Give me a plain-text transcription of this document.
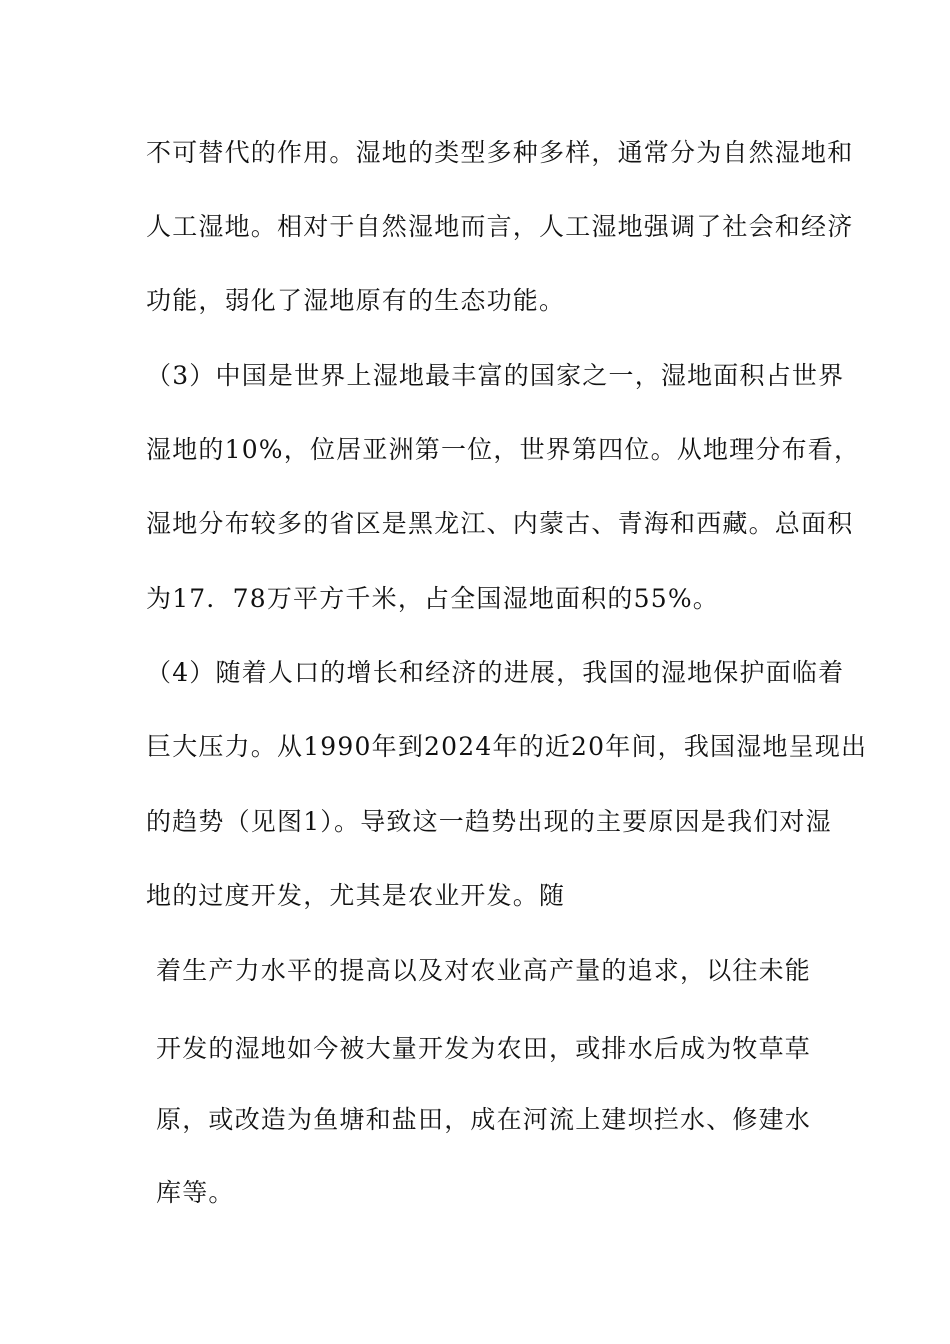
不可替代的作用。湿地的类型多种多样，通常分为自然湿地和
人工湿地。相对于自然湿地而言，人工湿地强调了社会和经济
功能，弱化了湿地原有的生态功能。
（3）中国是世界上湿地最丰富的国家之一，湿地面积占世界
湿地的10%，位居亚洲第一位，世界第四位。从地理分布看，
湿地分布较多的省区是黑龙江、内蒙古、青海和西藏。总面积
为17．78万平方千米，占全国湿地面积的55%。
（4）随着人口的增长和经济的进展，我国的湿地保护面临着
巨大压力。从1990年到2024年的近20年间，我国湿地呈现出
的趋势（见图1）。导致这一趋势出现的主要原因是我们对湿
地的过度开发，尤其是农业开发。随
着生产力水平的提高以及对农业高产量的追求，以往未能
开发的湿地如今被大量开发为农田，或排水后成为牧草草
原，或改造为鱼塘和盐田，成在河流上建坝拦水、修建水
库等。
